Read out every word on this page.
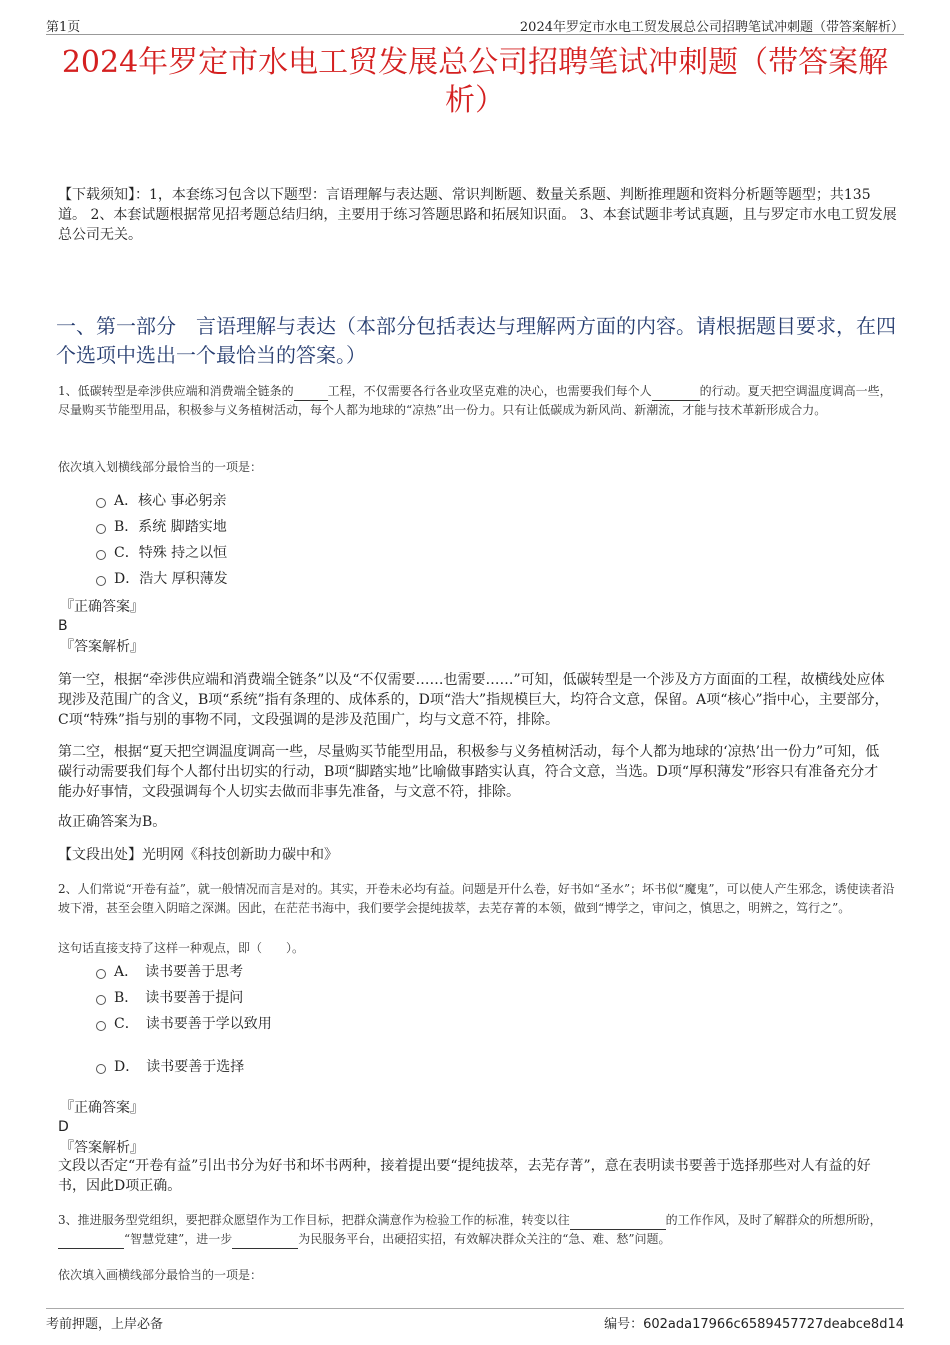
第1页	2024年罗定市水电工贸发展总公司招聘笔试冲刺题（带答案解析）
2024年罗定市水电工贸发展总公司招聘笔试冲刺题（带答案解析）
【下载须知】：1，本套练习包含以下题型：言语理解与表达题、常识判断题、数量关系题、判断推理题和资料分析题等题型；共135道。 2、本套试题根据常见招考题总结归纳，主要用于练习答题思路和拓展知识面。 3、本套试题非考试真题，且与罗定市水电工贸发展总公司无关。
一、第一部分　言语理解与表达（本部分包括表达与理解两方面的内容。请根据题目要求，在四个选项中选出一个最恰当的答案。）
1、低碳转型是牵涉供应端和消费端全链条的	工程，不仅需要各行各业攻坚克难的决心，也需要我们每个人	的行动。夏天把空调温度调高一些，尽量购买节能型用品，积极参与义务植树活动，每个人都为地球的“凉热”出一份力。只有让低碳成为新风尚、新潮流，才能与技术革新形成合力。
依次填入划横线部分最恰当的一项是：
A．核心 事必躬亲
B．系统 脚踏实地
C．特殊 持之以恒
D．浩大 厚积薄发
『正确答案』
B
『答案解析』
第一空，根据“牵涉供应端和消费端全链条”以及“不仅需要……也需要……”可知，低碳转型是一个涉及方方面面的工程，故横线处应体现涉及范围广的含义，B项“系统”指有条理的、成体系的，D项“浩大”指规模巨大，均符合文意，保留。A项“核心”指中心，主要部分，C项“特殊”指与别的事物不同，文段强调的是涉及范围广，均与文意不符，排除。
第二空，根据“夏天把空调温度调高一些，尽量购买节能型用品，积极参与义务植树活动，每个人都为地球的‘凉热’出一份力”可知，低碳行动需要我们每个人都付出切实的行动，B项“脚踏实地”比喻做事踏实认真，符合文意，当选。D项“厚积薄发”形容只有准备充分才能办好事情，文段强调每个人切实去做而非事先准备，与文意不符，排除。
故正确答案为B。
【文段出处】光明网《科技创新助力碳中和》
2、人们常说“开卷有益”，就一般情况而言是对的。其实，开卷未必均有益。问题是开什么卷，好书如“圣水”；坏书似“魔鬼”，可以使人产生邪念，诱使读者沿坡下滑，甚至会堕入阴暗之深渊。因此，在茫茫书海中，我们要学会提纯拔萃，去芜存菁的本领，做到“博学之，审问之，慎思之，明辨之，笃行之”。
这句话直接支持了这样一种观点，即（　　）。
A．　读书要善于思考
B．　读书要善于提问
C．　读书要善于学以致用
D．　读书要善于选择
『正确答案』
D
『答案解析』
文段以否定“开卷有益”引出书分为好书和坏书两种，接着提出要“提纯拔萃，去芜存菁”，意在表明读书要善于选择那些对人有益的好书，因此D项正确。
3、推进服务型党组织，要把群众愿望作为工作目标，把群众满意作为检验工作的标准，转变以往	的工作作风，及时了解群众的所想所盼，“智慧党建”，进一步	为民服务平台，出硬招实招，有效解决群众关注的“急、难、愁”问题。
依次填入画横线部分最恰当的一项是：
考前押题，上岸必备	编号：602ada17966c6589457727deabce8d14
